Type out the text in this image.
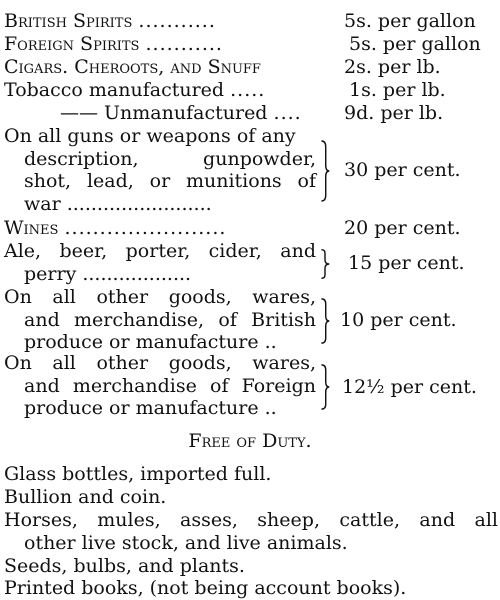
British Spirits ...........	5s. per gallon
Foreign Spirits ...........	5s. per gallon
Cigars. Cheroots, and Snuff	2s. per lb.
Tobacco manufactured .....	1s. per lb.
—— Unmanufactured .... 9d. per lb.
On all guns or weapons of any
description, gunpowder,
shot, lead, or munitions of
war ........................
30 per cent.
Wines .......................	20 per cent.
Ale, beer, porter, cider, and
perry ..................	15 per cent.
On all other goods, wares,
and merchandise, of British
produce or manufacture ..
10 per cent.
On all other goods, wares,
and merchandise of Foreign
produce or manufacture ..
12½ per cent.
Free of Duty.
Glass bottles, imported full.
Bullion and coin.
Horses, mules, asses, sheep, cattle, and all
other live stock, and live animals.
Seeds, bulbs, and plants.
Printed books, (not being account books).
